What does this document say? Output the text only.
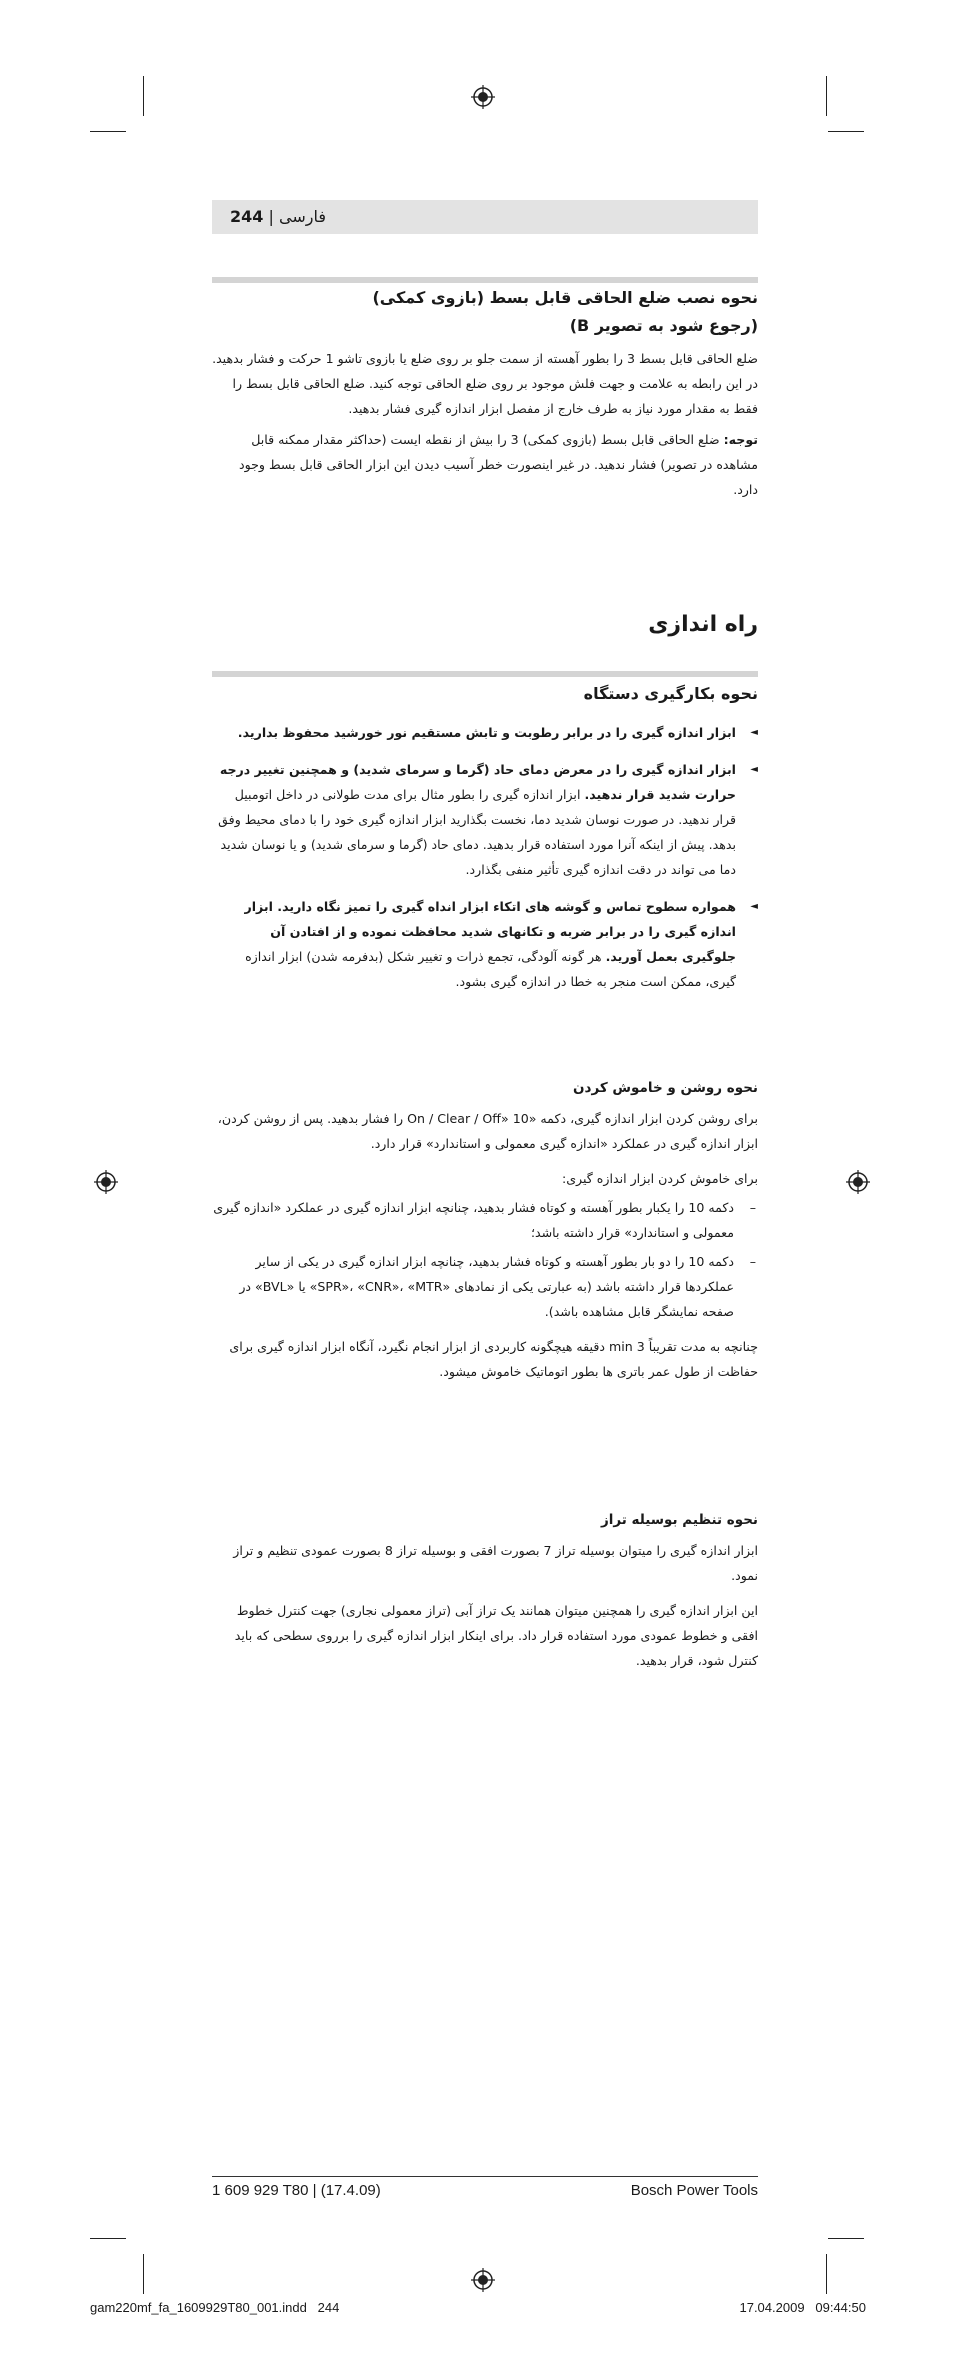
244 | فارسی
نحوه نصب ضلع الحاقی قابل بسط (بازوی کمکی)
(رجوع شود به تصویر B)

ضلع الحاقی قابل بسط 3 را بطور آهسته از سمت جلو بر روی ضلع یا بازوی تاشو 1 حرکت و فشار بدهید. در این رابطه به علامت و جهت فلش موجود بر روی ضلع الحاقی توجه کنید. ضلع الحاقی قابل بسط را فقط به مقدار مورد نیاز به طرف خارج از مفصل ابزار اندازه گیری فشار بدهید.

توجه: ضلع الحاقی قابل بسط (بازوی کمکی) 3 را بیش از نقطه ایست (حداکثر مقدار ممکنه قابل مشاهده در تصویر) فشار ندهید. در غیر اینصورت خطر آسیب دیدن این ابزار الحاقی قابل بسط وجود دارد.

راه اندازی
نحوه بکارگیری دستگاه

◄ ابزار اندازه گیری را در برابر رطوبت و تابش مستقیم نور خورشید محفوظ بدارید.

◄ ابزار اندازه گیری را در معرض دمای حاد (گرما و سرمای شدید) و همچنین تغییر درجه حرارت شدید قرار ندهید. ابزار اندازه گیری را بطور مثال برای مدت طولانی در داخل اتومبیل قرار ندهید. در صورت نوسان شدید دما، نخست بگذارید ابزار اندازه گیری خود را با دمای محیط وفق بدهد. پیش از اینکه آنرا مورد استفاده قرار بدهید. دمای حاد (گرما و سرمای شدید) و یا نوسان شدید دما می تواند در دقت اندازه گیری تأثیر منفی بگذارد.

◄ همواره سطوح تماس و گوشه های اتکاء ابزار انداه گیری را تمیز نگاه دارید. ابزار اندازه گیری را در برابر ضربه و تکانهای شدید محافظت نموده و از افتادن آن جلوگیری بعمل آورید. هر گونه آلودگی، تجمع ذرات و تغییر شکل (بدفرمه شدن) ابزار اندازه گیری، ممکن است منجر به خطا در اندازه گیری بشود.

نحوه روشن و خاموش کردن

برای روشن کردن ابزار اندازه گیری، دکمه «On / Clear / Off» 10 را فشار بدهید. پس از روشن کردن، ابزار اندازه گیری در عملکرد «اندازه گیری معمولی و استاندارد» قرار دارد.

برای خاموش کردن ابزار اندازه گیری:

– دکمه 10 را یکبار بطور آهسته و کوتاه فشار بدهید، چنانچه ابزار اندازه گیری در عملکرد «اندازه گیری معمولی و استاندارد» قرار داشته باشد؛

– دکمه 10 را دو بار بطور آهسته و کوتاه فشار بدهید، چنانچه ابزار اندازه گیری در یکی از سایر عملکردها قرار داشته باشد (به عبارتی یکی از نمادهای «SPR»، «CNR»، «MTR» یا «BVL» در صفحه نمایشگر قابل مشاهده باشد).

چنانچه به مدت تقریباً 3 min دقیقه هیچگونه کاربردی از ابزار انجام نگیرد، آنگاه ابزار اندازه گیری برای حفاظت از طول عمر باتری ها بطور اتوماتیک خاموش میشود.

نحوه تنظیم بوسیله تراز

ابزار اندازه گیری را میتوان بوسیله تراز 7 بصورت افقی و بوسیله تراز 8 بصورت عمودی تنظیم و تراز نمود.

این ابزار اندازه گیری را همچنین میتوان همانند یک تراز آبی (تراز معمولی نجاری) جهت کنترل خطوط افقی و خطوط عمودی مورد استفاده قرار داد. برای اینکار ابزار اندازه گیری را برروی سطحی که باید کنترل شود، قرار بدهید.

1 609 929 T80 | (17.4.09)	Bosch Power Tools
gam220mf_fa_1609929T80_001.indd   244	17.04.2009   09:44:50
